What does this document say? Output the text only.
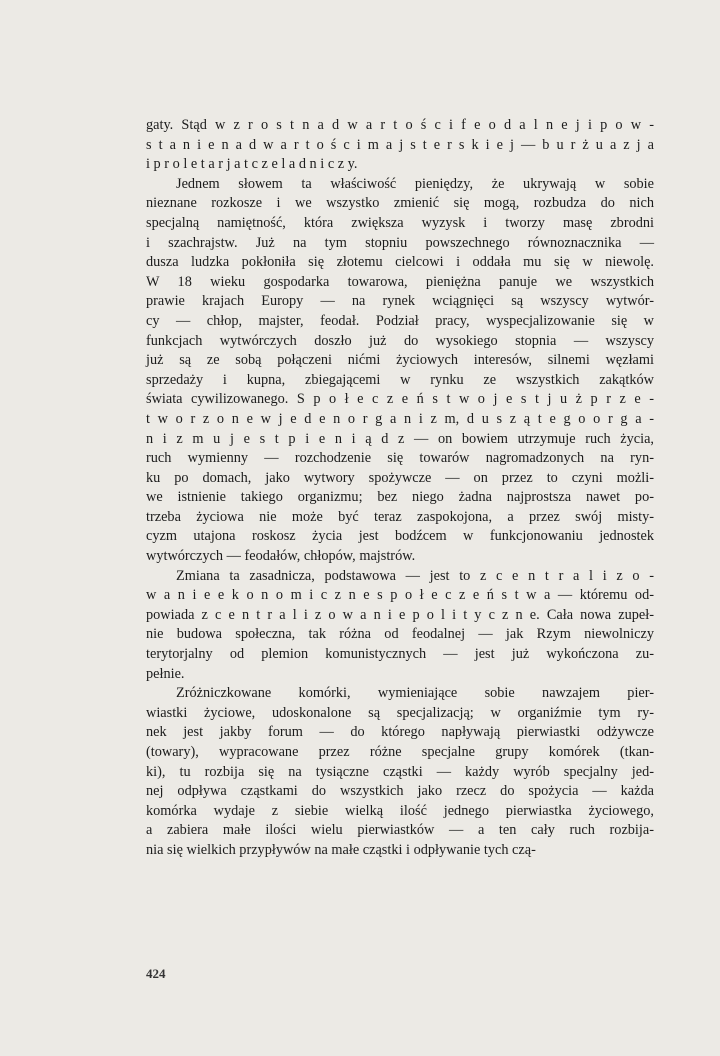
gaty. Stąd w z r o s t n a d w a r t o ś c i f e o d a l n e j i p o w -
s t a n i e n a d w a r t o ś c i m a j s t e r s k i e j — b u r ż u a z j a
i p r o l e t a r j a t c z e l a d n i c z y.
Jednem słowem ta właściwość pieniędzy, że ukrywają w sobie
nieznane rozkosze i we wszystko zmienić się mogą, rozbudza do nich
specjalną namiętność, która zwiększa wyzysk i tworzy masę zbrodni
i szachrajstw. Już na tym stopniu powszechnego równoznacznika —
dusza ludzka pokłoniła się złotemu cielcowi i oddała mu się w niewolę.
W 18 wieku gospodarka towarowa, pieniężna panuje we wszystkich
prawie krajach Europy — na rynek wciągnięci są wszyscy wytwór-
cy — chłop, majster, feodał. Podział pracy, wyspecjalizowanie się w
funkcjach wytwórczych doszło już do wysokiego stopnia — wszyscy
już są ze sobą połączeni nićmi życiowych interesów, silnemi węzłami
sprzedaży i kupna, zbiegającemi w rynku ze wszystkich zakątków
świata cywilizowanego. S p o ł e c z e ń s t w o j e s t j u ż p r z e -
t w o r z o n e w j e d e n o r g a n i z m, d u s z ą t e g o o r g a -
n i z m u j e s t p i e n i ą d z — on bowiem utrzymuje ruch życia,
ruch wymienny — rozchodzenie się towarów nagromadzonych na ryn-
ku po domach, jako wytwory spożywcze — on przez to czyni możli-
we istnienie takiego organizmu; bez niego żadna najprostsza nawet po-
trzeba życiowa nie może być teraz zaspokojona, a przez swój misty-
cyzm utajona roskosz życia jest bodźcem w funkcjonowaniu jednostek
wytwórczych — feodałów, chłopów, majstrów.
Zmiana ta zasadnicza, podstawowa — jest to z c e n t r a l i z o -
w a n i e e k o n o m i c z n e s p o ł e c z e ń s t w a — któremu od-
powiada z c e n t r a l i z o w a n i e p o l i t y c z n e. Cała nowa zupeł-
nie budowa społeczna, tak różna od feodalnej — jak Rzym niewolniczy
terytorjalny od plemion komunistycznych — jest już wykończona zu-
pełnie.
Zróżniczkowane komórki, wymieniające sobie nawzajem pier-
wiastki życiowe, udoskonalone są specjalizacją; w organiźmie tym ry-
nek jest jakby forum — do którego napływają pierwiastki odżywcze
(towary), wypracowane przez różne specjalne grupy komórek (tkan-
ki), tu rozbija się na tysiączne cząstki — każdy wyrób specjalny jed-
nej odpływa cząstkami do wszystkich jako rzecz do spożycia — każda
komórka wydaje z siebie wielką ilość jednego pierwiastka życiowego,
a zabiera małe ilości wielu pierwiastków — a ten cały ruch rozbija-
nia się wielkich przypływów na małe cząstki i odpływanie tych czą-
424
